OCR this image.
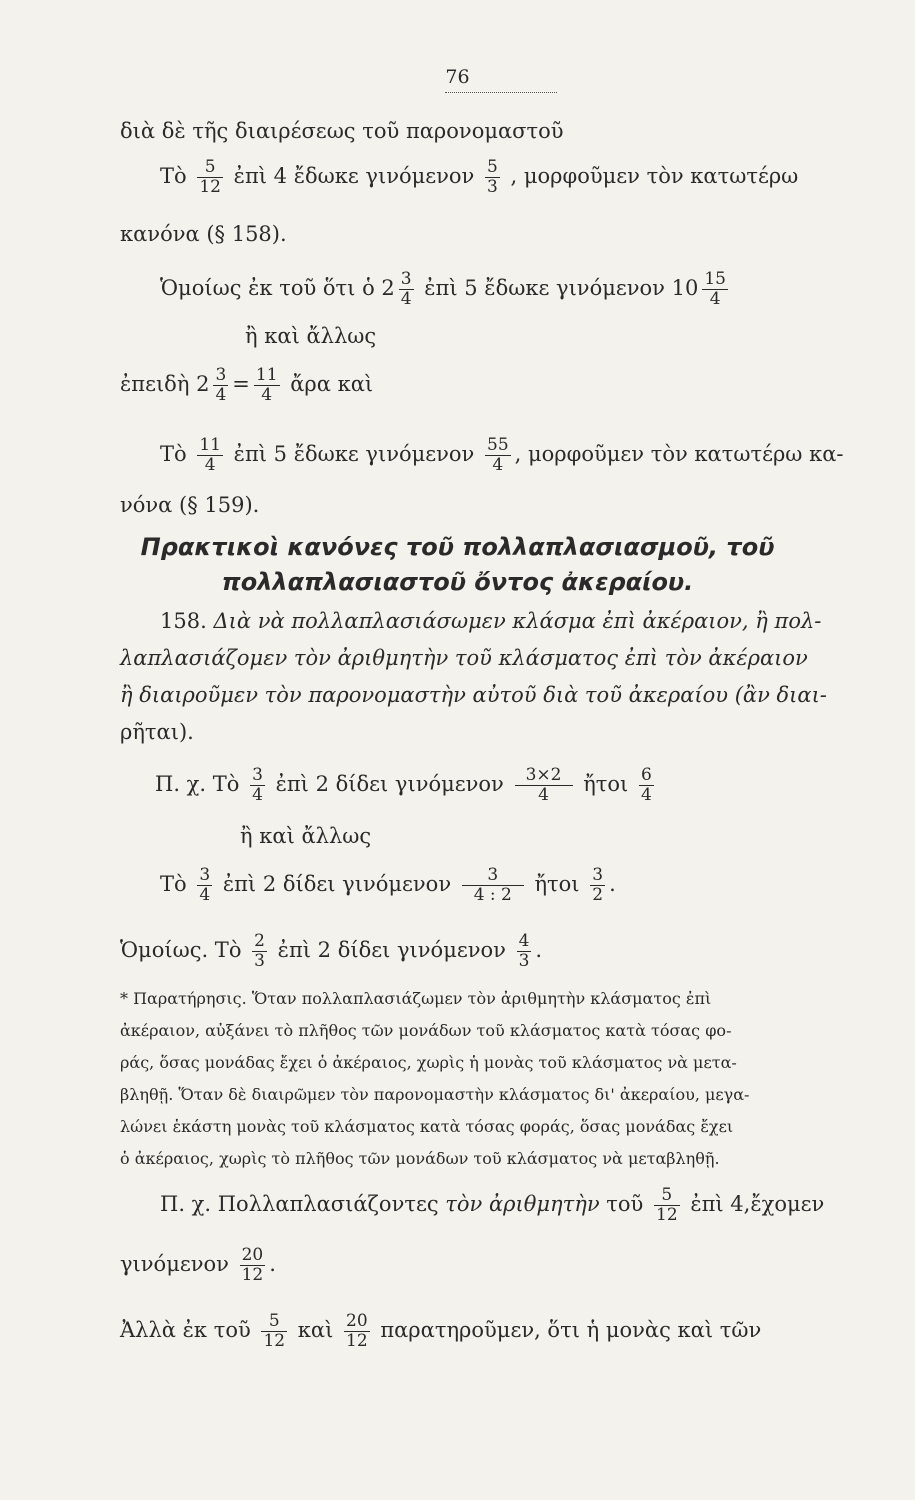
76
διὰ δὲ τῆς διαιρέσεως τοῦ παρονομαστοῦ
Τὸ $\frac{5}{12}$ ἐπὶ 4 ἔδωκε γινόμενον $\frac{5}{3}$ , μορφοῦμεν τὸν κατωτέρω
κανόνα (§ 158).
Ὁμοίως ἐκ τοῦ ὅτι ὁ $2 \frac{3}{4}$ ἐπὶ 5 ἔδωκε γινόμενον $10 \frac{15}{4}$
ἢ καὶ ἄλλως
ἐπειδὴ $2 \frac{3}{4} = \frac{11}{4}$ ἄρα καὶ
Τὸ $\frac{11}{4}$ ἐπὶ 5 ἔδωκε γινόμενον $\frac{55}{4}$ , μορφοῦμεν τὸν κατωτέρω κα-
νόνα (§ 159).
Πρακτικοὶ κανόνες τοῦ πολλαπλασιασμοῦ, τοῦ
πολλαπλασιαστοῦ ὄντος ἀκεραίου.
158. Διὰ νὰ πολλαπλασιάσωμεν κλάσμα ἐπὶ ἀκέραιον, ἢ πολ-
λαπλασιάζομεν τὸν ἀριθμητὴν τοῦ κλάσματος ἐπὶ τὸν ἀκέραιον
ἢ διαιροῦμεν τὸν παρονομαστὴν αὐτοῦ διὰ τοῦ ἀκεραίου (ἂν διαι-
ρῆται).
Π. χ. Τὸ $\frac{3}{4}$ ἐπὶ 2 δίδει γινόμενον $\frac{3\times 2}{4}$ ἤτοι $\frac{6}{4}$
ἢ καὶ ἄλλως
Τὸ $\frac{3}{4}$ ἐπὶ 2 δίδει γινόμενον $\frac{3}{4 : 2}$ ἤτοι $\frac{3}{2}$ .
Ὁμοίως. Τὸ $\frac{2}{3}$ ἐπὶ 2 δίδει γινόμενον $\frac{4}{3}$ .
* Παρατήρησις. Ὅταν πολλαπλασιάζωμεν τὸν ἀριθμητὴν κλάσματος ἐπὶ
ἀκέραιον, αὐξάνει τὸ πλῆθος τῶν μονάδων τοῦ κλάσματος κατὰ τόσας φο-
ράς, ὅσας μονάδας ἔχει ὁ ἀκέραιος, χωρὶς ἡ μονὰς τοῦ κλάσματος νὰ μετα-
βληθῇ. Ὅταν δὲ διαιρῶμεν τὸν παρονομαστὴν κλάσματος δι' ἀκεραίου, μεγα-
λώνει ἑκάστη μονὰς τοῦ κλάσματος κατὰ τόσας φοράς, ὅσας μονάδας ἔχει
ὁ ἀκέραιος, χωρὶς τὸ πλῆθος τῶν μονάδων τοῦ κλάσματος νὰ μεταβληθῇ.
Π. χ. Πολλαπλασιάζοντες τὸν ἀριθμητὴν τοῦ $\frac{5}{12}$ ἐπὶ 4,ἔχομεν
γινόμενον $\frac{20}{12}$ .
Ἀλλὰ ἐκ τοῦ $\frac{5}{12}$ καὶ $\frac{20}{12}$ παρατηροῦμεν, ὅτι ἡ μονὰς καὶ τῶν
